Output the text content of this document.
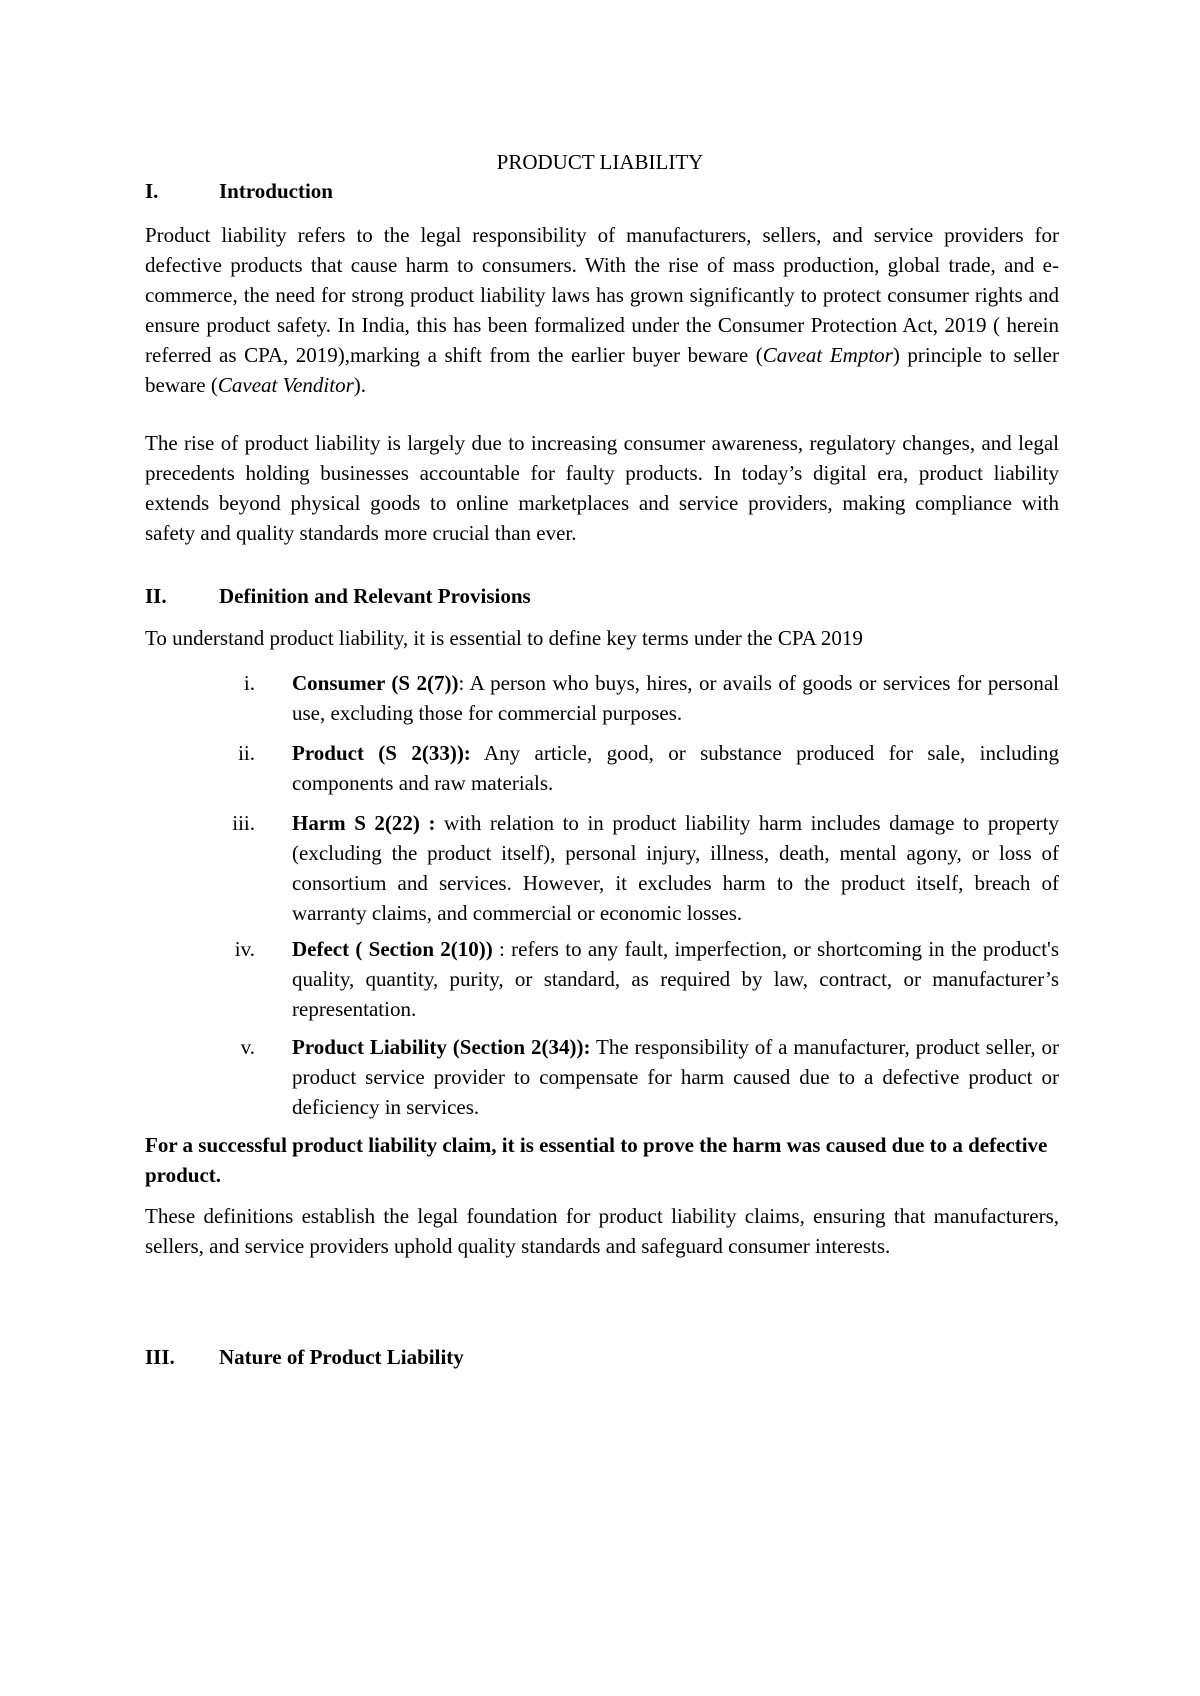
PRODUCT LIABILITY
I.	Introduction
Product liability refers to the legal responsibility of manufacturers, sellers, and service providers for defective products that cause harm to consumers. With the rise of mass production, global trade, and e-commerce, the need for strong product liability laws has grown significantly to protect consumer rights and ensure product safety. In India, this has been formalized under the Consumer Protection Act, 2019 ( herein referred as CPA, 2019),marking a shift from the earlier buyer beware (Caveat Emptor) principle to seller beware (Caveat Venditor).
The rise of product liability is largely due to increasing consumer awareness, regulatory changes, and legal precedents holding businesses accountable for faulty products. In today’s digital era, product liability extends beyond physical goods to online marketplaces and service providers, making compliance with safety and quality standards more crucial than ever.
II. Definition and Relevant Provisions
To understand product liability, it is essential to define key terms under the CPA 2019
i. Consumer (S 2(7)): A person who buys, hires, or avails of goods or services for personal use, excluding those for commercial purposes.
ii. Product (S 2(33)): Any article, good, or substance produced for sale, including components and raw materials.
iii. Harm S 2(22) : with relation to in product liability harm includes damage to property (excluding the product itself), personal injury, illness, death, mental agony, or loss of consortium and services. However, it excludes harm to the product itself, breach of warranty claims, and commercial or economic losses.
iv. Defect ( Section 2(10)) : refers to any fault, imperfection, or shortcoming in the product's quality, quantity, purity, or standard, as required by law, contract, or manufacturer’s representation.
v. Product Liability (Section 2(34)): The responsibility of a manufacturer, product seller, or product service provider to compensate for harm caused due to a defective product or deficiency in services.
For a successful product liability claim, it is essential to prove the harm was caused due to a defective product.
These definitions establish the legal foundation for product liability claims, ensuring that manufacturers, sellers, and service providers uphold quality standards and safeguard consumer interests.
III. Nature of Product Liability
